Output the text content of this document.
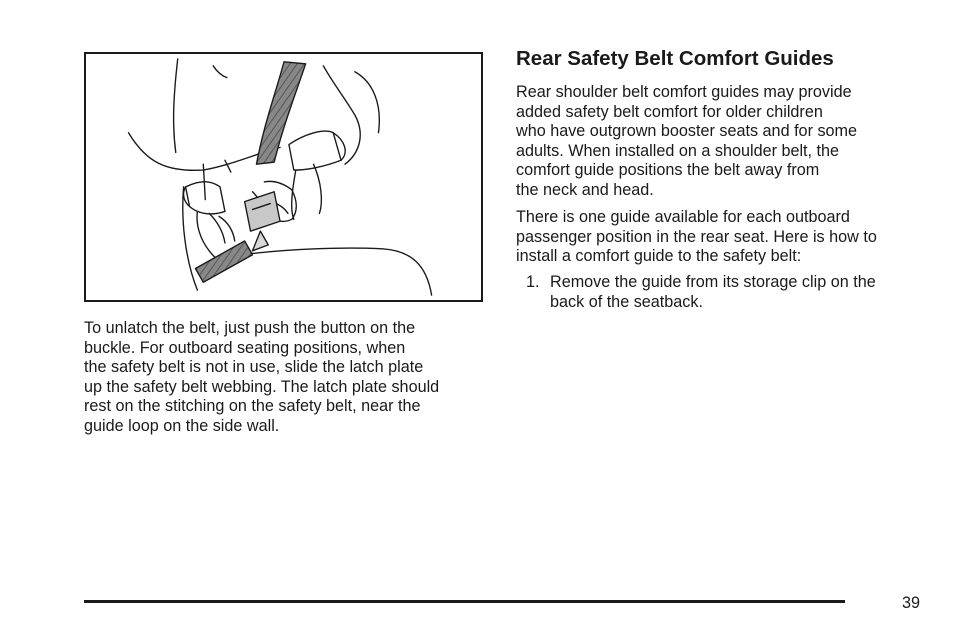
To unlatch the belt, just push the button on the
buckle. For outboard seating positions, when
the safety belt is not in use, slide the latch plate
up the safety belt webbing. The latch plate should
rest on the stitching on the safety belt, near the
guide loop on the side wall.

Rear Safety Belt Comfort Guides

Rear shoulder belt comfort guides may provide
added safety belt comfort for older children
who have outgrown booster seats and for some
adults. When installed on a shoulder belt, the
comfort guide positions the belt away from
the neck and head.

There is one guide available for each outboard
passenger position in the rear seat. Here is how to
install a comfort guide to the safety belt:

1. Remove the guide from its storage clip on the
back of the seatback.
39
